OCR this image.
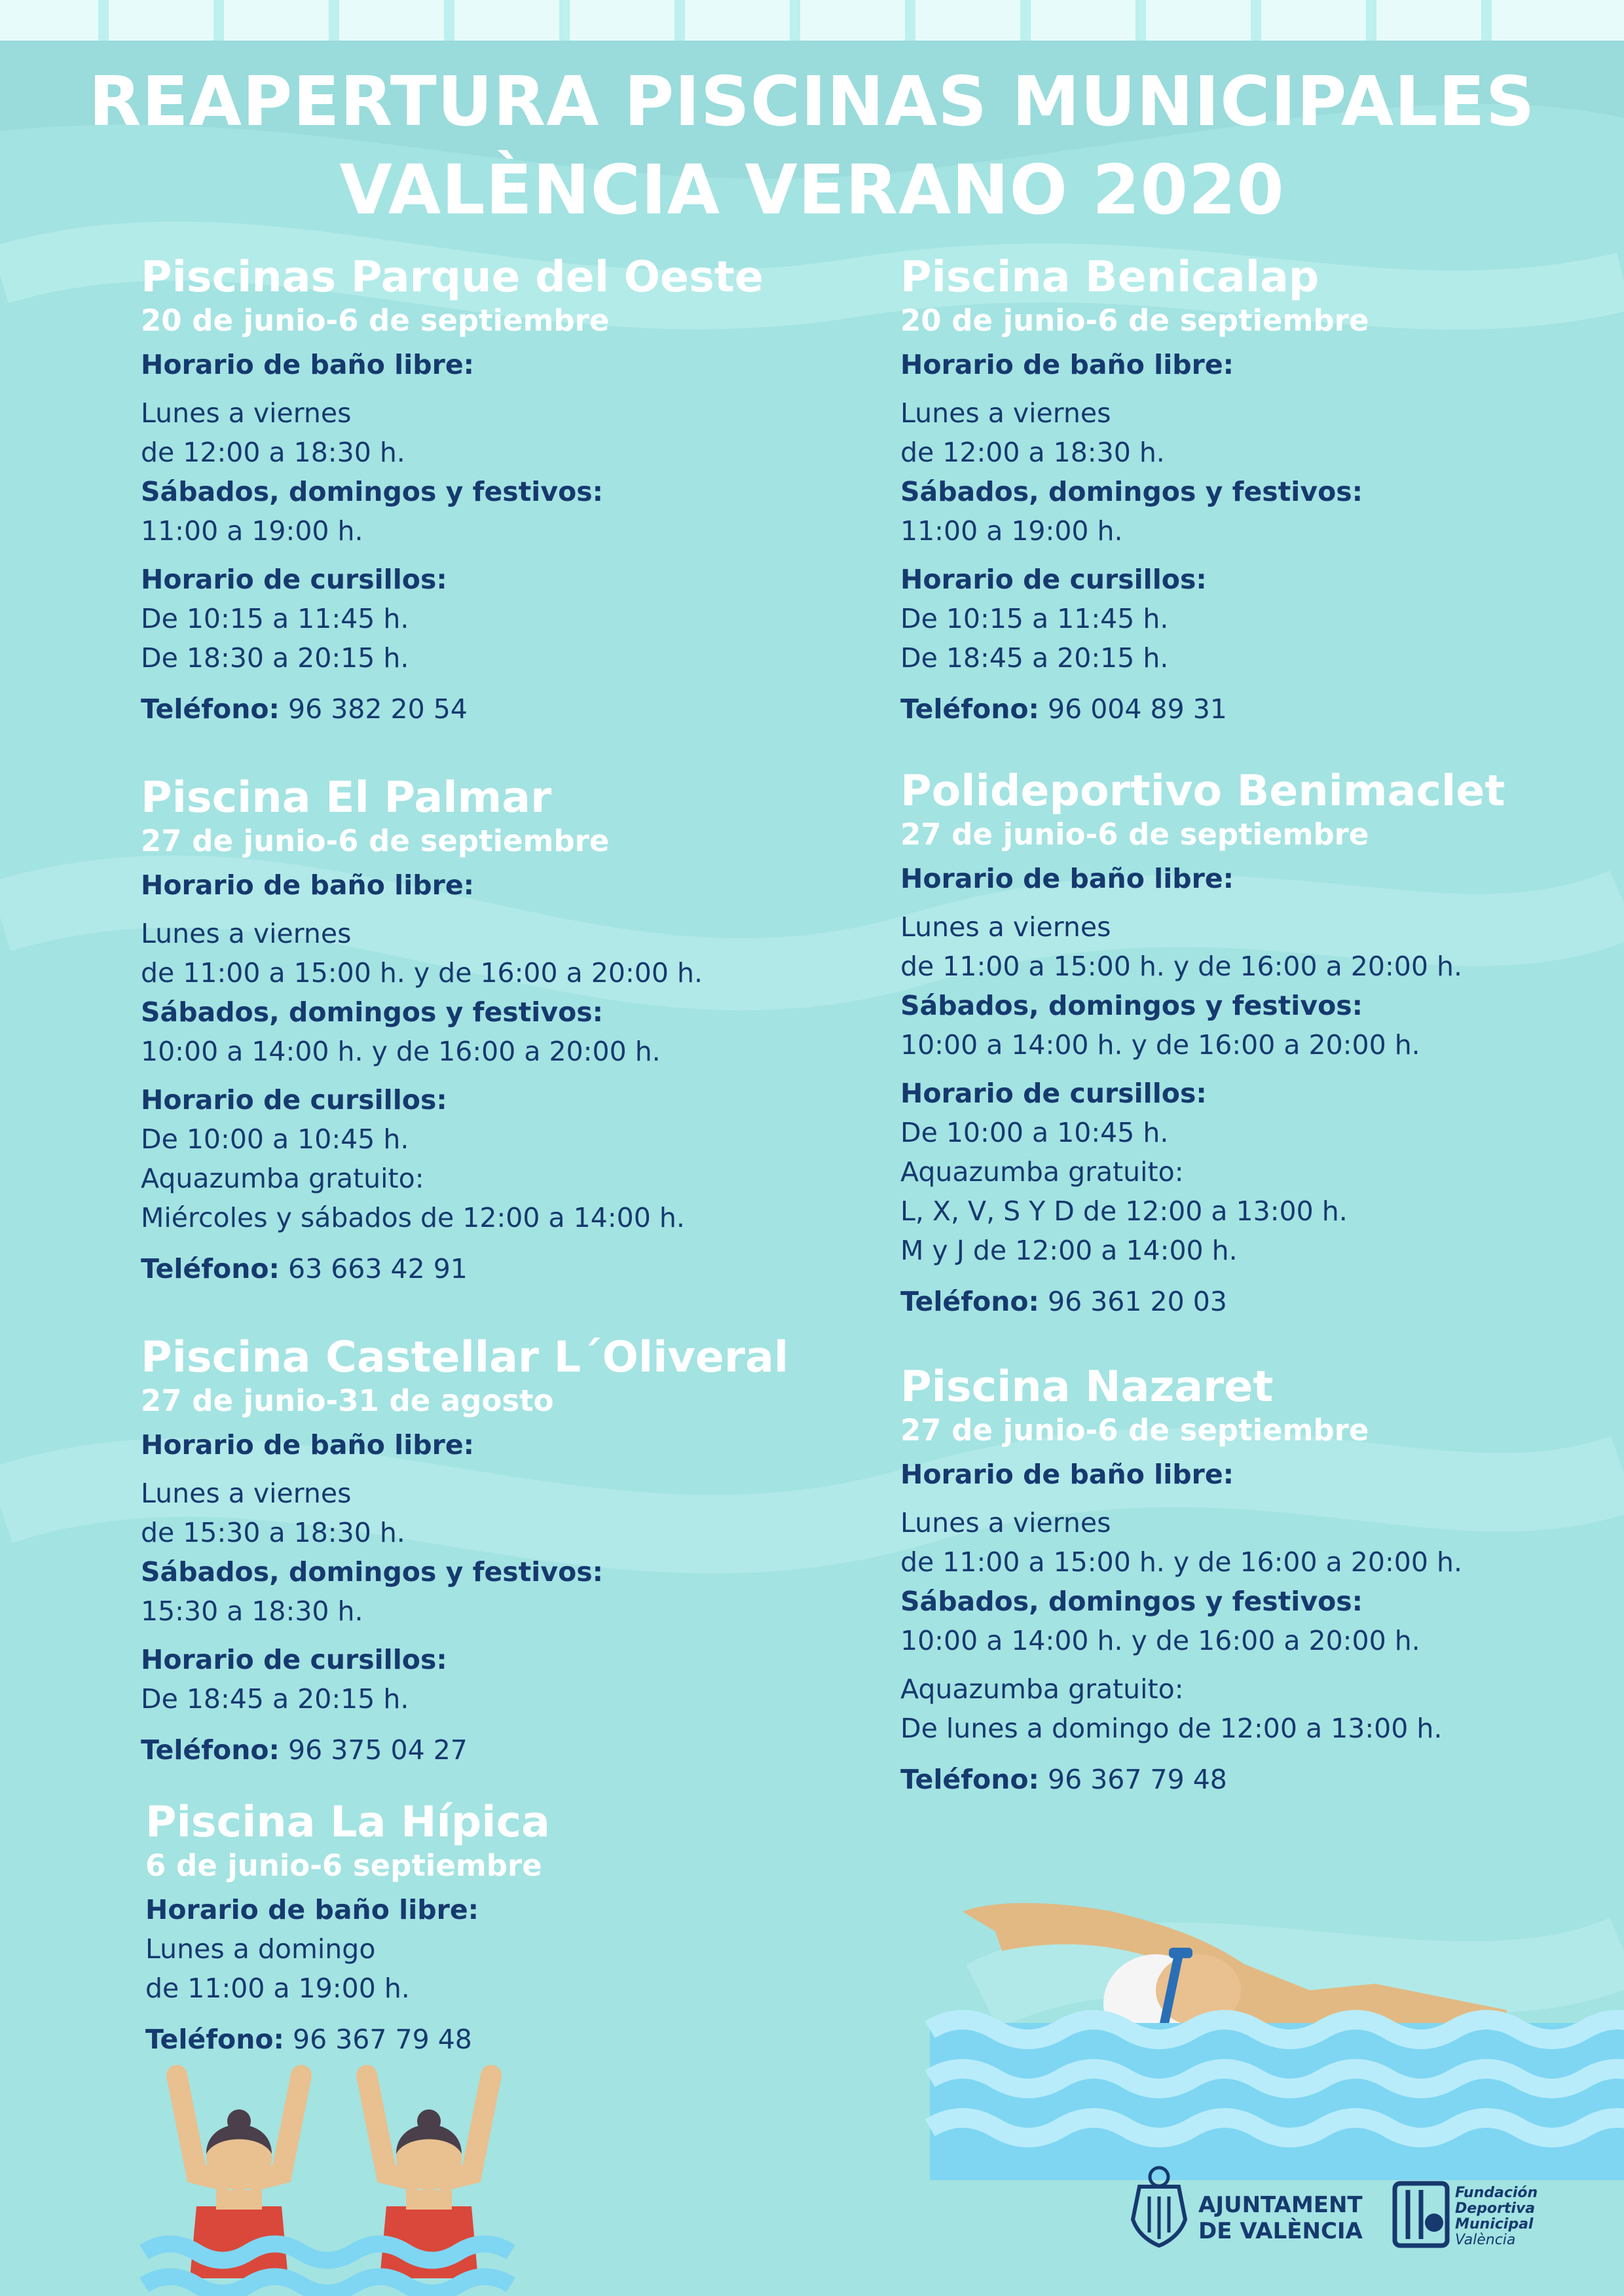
REAPERTURA PISCINAS MUNICIPALES
VALÈNCIA VERANO 2020
Piscinas Parque del Oeste
20 de junio-6 de septiembre
Horario de baño libre:
Lunes a viernes
de 12:00 a 18:30 h.
Sábados, domingos y festivos:
11:00 a 19:00 h.
Horario de cursillos:
De 10:15 a 11:45 h.
De 18:30 a 20:15 h.
Teléfono: 96 382 20 54
Piscina Benicalap
20 de junio-6 de septiembre
Horario de baño libre:
Lunes a viernes
de 12:00 a 18:30 h.
Sábados, domingos y festivos:
11:00 a 19:00 h.
Horario de cursillos:
De 10:15 a 11:45 h.
De 18:45 a 20:15 h.
Teléfono: 96 004 89 31
Piscina El Palmar
27 de junio-6 de septiembre
Horario de baño libre:
Lunes a viernes
de 11:00 a 15:00 h. y de 16:00 a 20:00 h.
Sábados, domingos y festivos:
10:00 a 14:00 h. y de 16:00 a 20:00 h.
Horario de cursillos:
De 10:00 a 10:45 h.
Aquazumba gratuito:
Miércoles y sábados de 12:00 a 14:00 h.
Teléfono: 63 663 42 91
Polideportivo Benimaclet
27 de junio-6 de septiembre
Horario de baño libre:
Lunes a viernes
de 11:00 a 15:00 h. y de 16:00 a 20:00 h.
Sábados, domingos y festivos:
10:00 a 14:00 h. y de 16:00 a 20:00 h.
Horario de cursillos:
De 10:00 a 10:45 h.
Aquazumba gratuito:
L, X, V, S Y D de 12:00 a 13:00 h.
M y J de 12:00 a 14:00 h.
Teléfono: 96 361 20 03
Piscina Castellar L´Oliveral
27 de junio-31 de agosto
Horario de baño libre:
Lunes a viernes
de 15:30 a 18:30 h.
Sábados, domingos y festivos:
15:30 a 18:30 h.
Horario de cursillos:
De 18:45 a 20:15 h.
Teléfono: 96 375 04 27
Piscina Nazaret
27 de junio-6 de septiembre
Horario de baño libre:
Lunes a viernes
de 11:00 a 15:00 h. y de 16:00 a 20:00 h.
Sábados, domingos y festivos:
10:00 a 14:00 h. y de 16:00 a 20:00 h.
Aquazumba gratuito:
De lunes a domingo de 12:00 a 13:00 h.
Teléfono: 96 367 79 48
Piscina La Hípica
6 de junio-6 septiembre
Horario de baño libre:
Lunes a domingo
de 11:00 a 19:00 h.
Teléfono: 96 367 79 48
AJUNTAMENT
DE VALÈNCIA
Fundación
Deportiva
Municipal
València
